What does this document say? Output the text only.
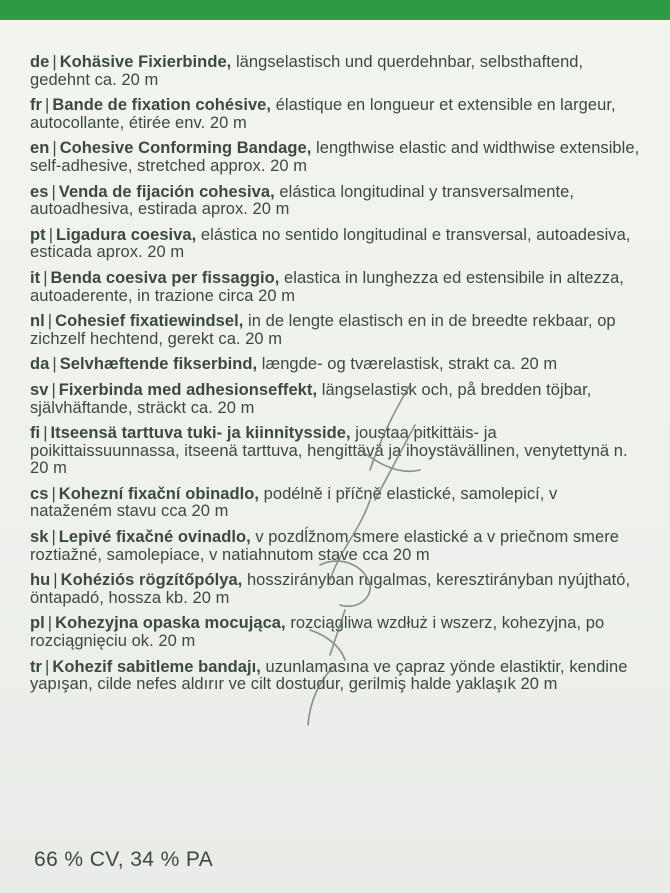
de | Kohäsive Fixierbinde, längselastisch und querdehnbar, selbsthaftend, gedehnt ca. 20 m
fr | Bande de fixation cohésive, élastique en longueur et extensible en largeur, autocollante, étirée env. 20 m
en | Cohesive Conforming Bandage, lengthwise elastic and widthwise extensible, self-adhesive, stretched approx. 20 m
es | Venda de fijación cohesiva, elástica longitudinal y transversalmente, autoadhesiva, estirada aprox. 20 m
pt | Ligadura coesiva, elástica no sentido longitudinal e transversal, autoadesiva, esticada aprox. 20 m
it | Benda coesiva per fissaggio, elastica in lunghezza ed estensibile in altezza, autoaderente, in trazione circa 20 m
nl | Cohesief fixatiewindsel, in de lengte elastisch en in de breedte rekbaar, op zichzelf hechtend, gerekt ca. 20 m
da | Selvhæftende fikserbind, længde- og tværelastisk, strakt ca. 20 m
sv | Fixerbinda med adhesionseffekt, längselastisk och, på bredden töjbar, självhäftande, sträckt ca. 20 m
fi | Itseensä tarttuva tuki- ja kiinnitysside, joustaa pitkittäis- ja poikittaissuunnassa, itseenä tarttuva, hengittävä ja ihoystävällinen, venytettynä n. 20 m
cs | Kohezní fixační obinadlo, podélně i příčně elastické, samolepicí, v nataženém stavu cca 20 m
sk | Lepivé fixačné ovinadlo, v pozdĺžnom smere elastické a v priečnom smere roztiažné, samolepiace, v natiahnutom stave cca 20 m
hu | Kohéziós rögzítőpólya, hosszirányban rugalmas, keresztirányban nyújtható, öntapadó, hossza kb. 20 m
pl | Kohezyjna opaska mocująca, rozciągliwa wzdłuż i wszerz, kohezyjna, po rozciągnięciu ok. 20 m
tr | Kohezif sabitleme bandajı, uzunlamasına ve çapraz yönde elastiktir, kendine yapışan, cilde nefes aldırır ve cilt dostudur, gerilmiş halde yaklaşık 20 m
66 % CV, 34 % PA
